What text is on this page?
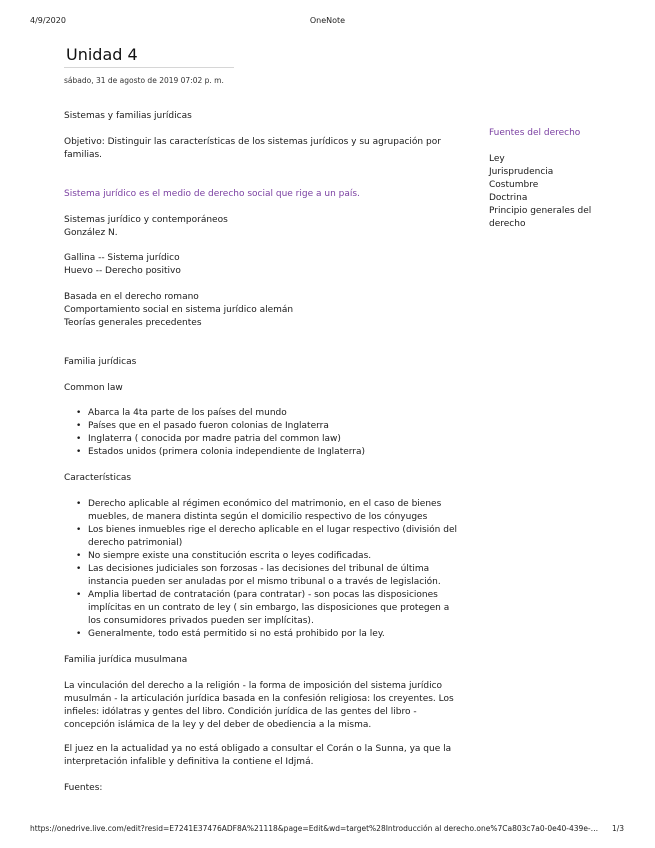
4/9/2020	OneNote
Unidad 4
sábado, 31 de agosto de 2019 07:02 p. m.
Sistemas y familias jurídicas
Objetivo: Distinguir las características de los sistemas jurídicos y su agrupación por familias.
Sistema jurídico es el medio de derecho social que rige a un país.
Sistemas jurídico y contemporáneos
González N.
Gallina -- Sistema jurídico
Huevo -- Derecho positivo
Basada en el derecho romano
Comportamiento social en sistema jurídico alemán
Teorías generales precedentes
Familia jurídicas
Common law
• Abarca la 4ta parte de los países del mundo
• Países que en el pasado fueron colonias de Inglaterra
• Inglaterra ( conocida por madre patria del common law)
• Estados unidos (primera colonia independiente de Inglaterra)
Características
• Derecho aplicable al régimen económico del matrimonio, en el caso de bienes muebles, de manera distinta según el domicilio respectivo de los cónyuges
• Los bienes inmuebles rige el derecho aplicable en el lugar respectivo (división del derecho patrimonial)
• No siempre existe una constitución escrita o leyes codificadas.
• Las decisiones judiciales son forzosas - las decisiones del tribunal de última instancia pueden ser anuladas por el mismo tribunal o a través de legislación.
• Amplia libertad de contratación (para contratar) - son pocas las disposiciones implícitas en un contrato de ley ( sin embargo, las disposiciones que protegen a los consumidores privados pueden ser implícitas).
• Generalmente, todo está permitido si no está prohibido por la ley.
Familia jurídica musulmana
La vinculación del derecho a la religión - la forma de imposición del sistema jurídico musulmán - la articulación jurídica basada en la confesión religiosa: los creyentes. Los infieles: idólatras y gentes del libro. Condición jurídica de las gentes del libro - concepción islámica de la ley y del deber de obediencia a la misma.
El juez en la actualidad ya no está obligado a consultar el Corán o la Sunna, ya que la interpretación infalible y definitiva la contiene el Idjmá.
Fuentes:
Fuentes del derecho
Ley
Jurisprudencia
Costumbre
Doctrina
Principio generales del derecho
https://onedrive.live.com/edit?resid=E7241E37476ADF8A%21118&page=Edit&wd=target%28Introducción al derecho.one%7Ca803c7a0-0e40-439e-…	1/3
